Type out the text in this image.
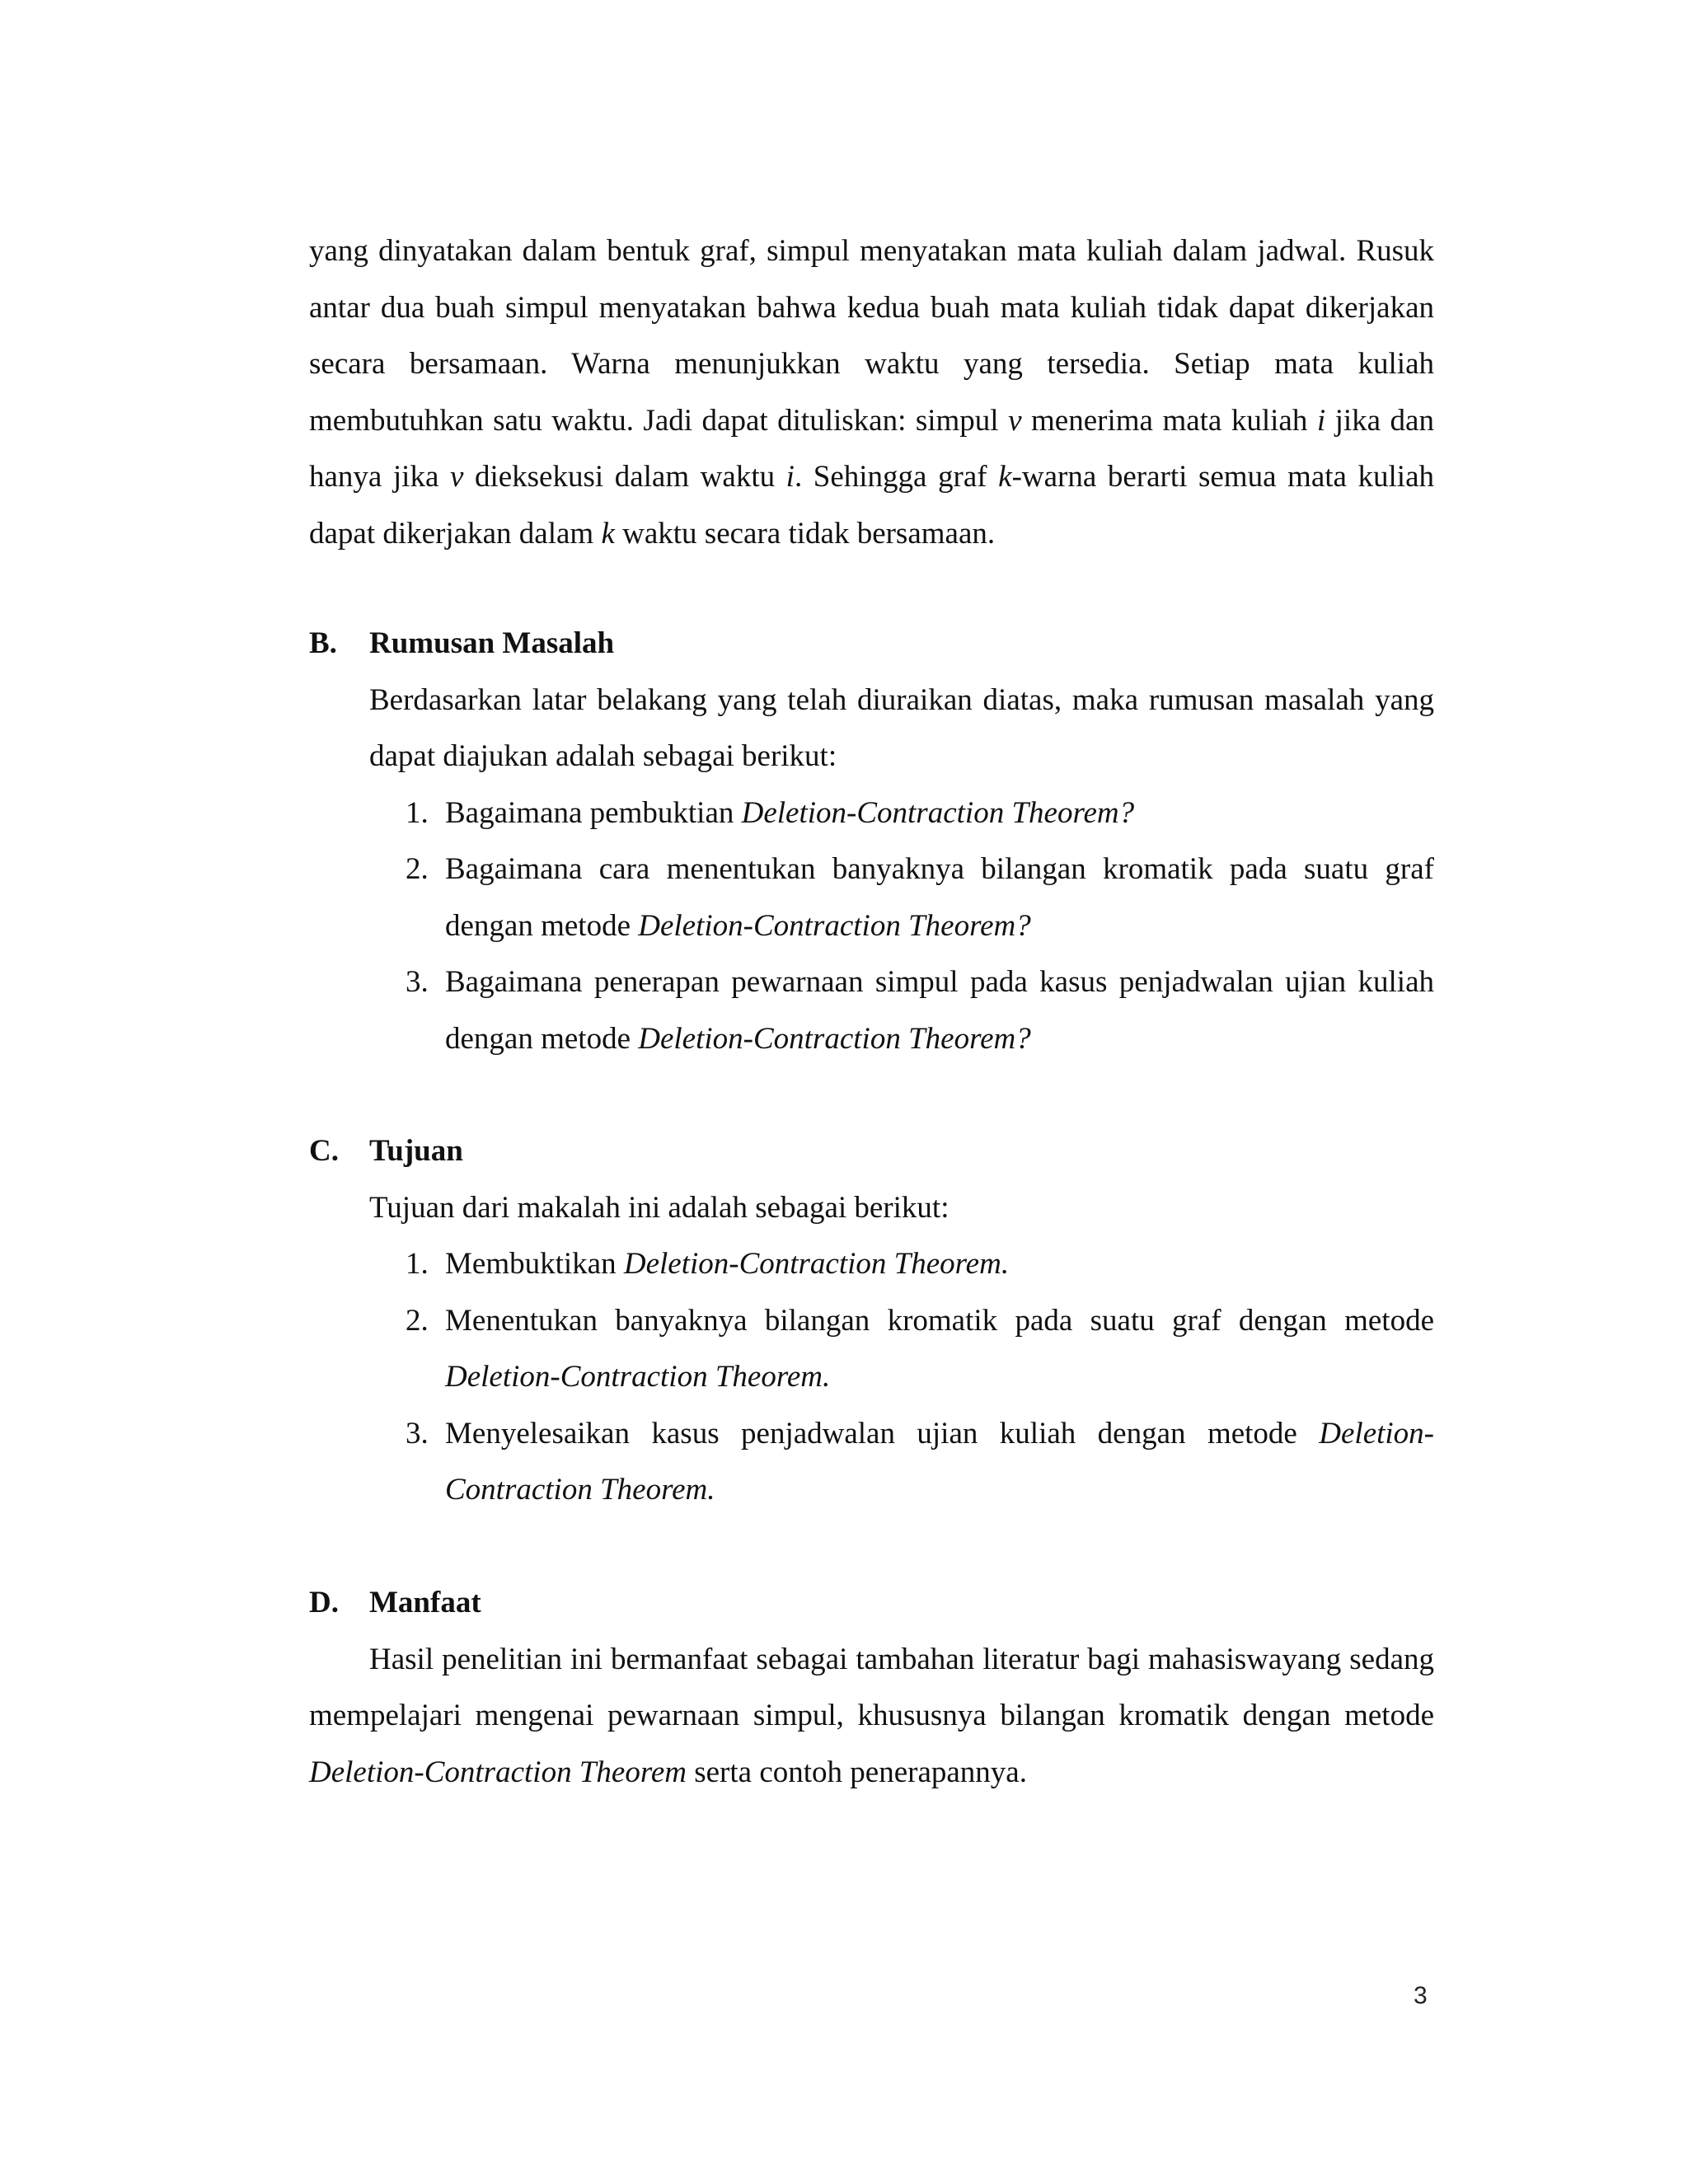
yang dinyatakan dalam bentuk graf, simpul menyatakan mata kuliah dalam jadwal. Rusuk antar dua buah simpul menyatakan bahwa kedua buah mata kuliah tidak dapat dikerjakan secara bersamaan. Warna menunjukkan waktu yang tersedia. Setiap mata kuliah membutuhkan satu waktu. Jadi dapat dituliskan: simpul v menerima mata kuliah i jika dan hanya jika v dieksekusi dalam waktu i. Sehingga graf k-warna berarti semua mata kuliah dapat dikerjakan dalam k waktu secara tidak bersamaan.

B.	Rumusan Masalah
Berdasarkan latar belakang yang telah diuraikan diatas, maka rumusan masalah yang dapat diajukan adalah sebagai berikut:
1. Bagaimana pembuktian Deletion-Contraction Theorem?
2. Bagaimana cara menentukan banyaknya bilangan kromatik pada suatu graf dengan metode Deletion-Contraction Theorem?
3. Bagaimana penerapan pewarnaan simpul pada kasus penjadwalan ujian kuliah dengan metode Deletion-Contraction Theorem?
C.	Tujuan
Tujuan dari makalah ini adalah sebagai berikut:
1. Membuktikan Deletion-Contraction Theorem.
2. Menentukan banyaknya bilangan kromatik pada suatu graf dengan metode Deletion-Contraction Theorem.
3. Menyelesaikan kasus penjadwalan ujian kuliah dengan metode Deletion-Contraction Theorem.
D.	Manfaat

Hasil penelitian ini bermanfaat sebagai tambahan literatur bagi mahasiswayang sedang mempelajari mengenai pewarnaan simpul, khususnya bilangan kromatik dengan metode Deletion-Contraction Theorem serta contoh penerapannya.

3
